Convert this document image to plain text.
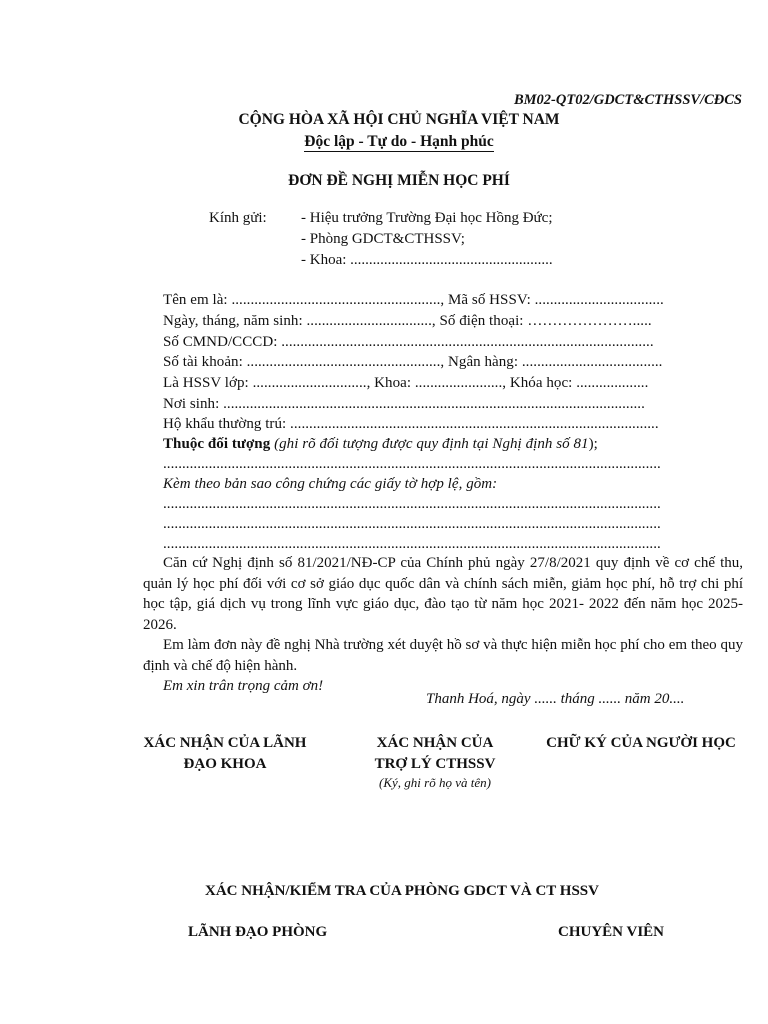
BM02-QT02/GDCT&CTHSSV/CĐCS
CỘNG HÒA XÃ HỘI CHỦ NGHĨA VIỆT NAM
Độc lập - Tự do - Hạnh phúc
ĐƠN ĐỀ NGHỊ MIỄN HỌC PHÍ
Kính gửi: - Hiệu trưởng Trường Đại học Hồng Đức;
- Phòng GDCT&CTHSSV;
- Khoa: ......................................................
Tên em là: ......................................................., Mã số HSSV: ..................................
Ngày, tháng, năm sinh: ................................., Số điện thoại: ………………….....
Số CMND/CCCD: ..................................................................................................
Số tài khoản: ..................................................., Ngân hàng: .....................................
Là HSSV lớp: .............................., Khoa: ......................., Khóa học: ...................
Nơi sinh: ...............................................................................................................
Hộ khẩu thường trú: .................................................................................................
Thuộc đối tượng (ghi rõ đối tượng được quy định tại Nghị định số 81);
...................................................................................................................................
Kèm theo bản sao công chứng các giấy tờ hợp lệ, gồm:
...................................................................................................................................
...................................................................................................................................
...................................................................................................................................

Căn cứ Nghị định số 81/2021/NĐ-CP của Chính phủ ngày 27/8/2021 quy định về cơ chế thu, quản lý học phí đối với cơ sở giáo dục quốc dân và chính sách miễn, giảm học phí, hỗ trợ chi phí học tập, giá dịch vụ trong lĩnh vực giáo dục, đào tạo từ năm học 2021- 2022 đến năm học 2025-2026.

Em làm đơn này đề nghị Nhà trường xét duyệt hồ sơ và thực hiện miễn học phí cho em theo quy định và chế độ hiện hành.

Em xin trân trọng cảm ơn!

Thanh Hoá, ngày ...... tháng ...... năm 20....
XÁC NHẬN CỦA LÃNH
ĐẠO KHOA
XÁC NHẬN CỦA
TRỢ LÝ CTHSSV
(Ký, ghi rõ họ và tên)
CHỮ KÝ CỦA NGƯỜI HỌC
XÁC NHẬN/KIỂM TRA CỦA PHÒNG GDCT VÀ CT HSSV
LÃNH ĐẠO PHÒNG	CHUYÊN VIÊN
